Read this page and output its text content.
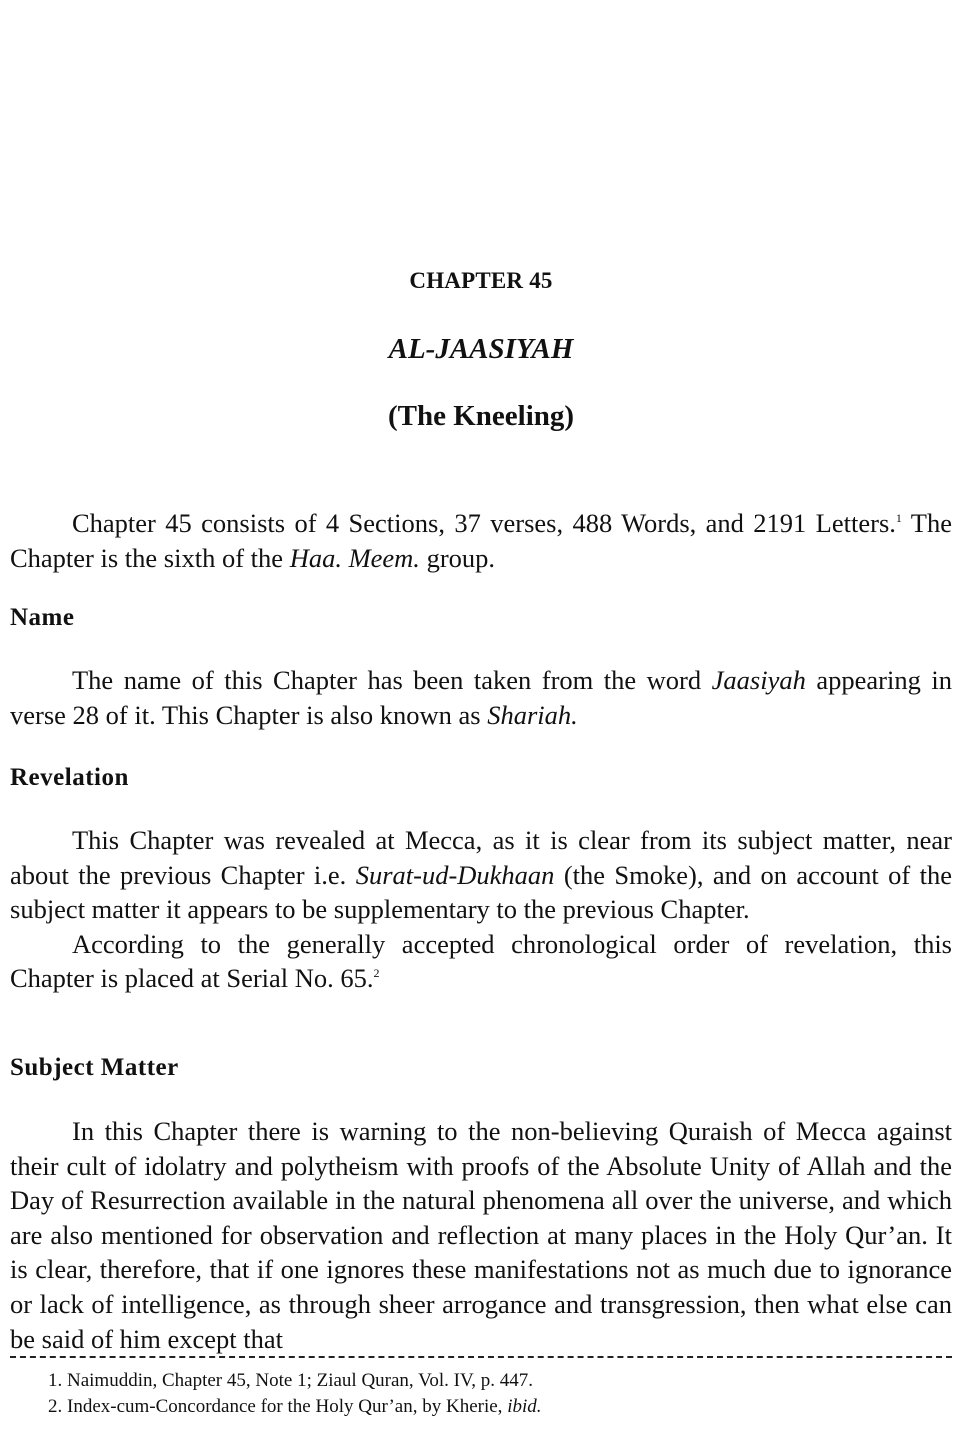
CHAPTER 45
AL-JAASIYAH
(The Kneeling)

Chapter 45 consists of 4 Sections, 37 verses, 488 Words, and 2191 Letters.$^1$ The Chapter is the sixth of the Haa. Meem. group.

Name

The name of this Chapter has been taken from the word Jaasiyah appearing in verse 28 of it. This Chapter is also known as Shariah.

Revelation

This Chapter was revealed at Mecca, as it is clear from its subject matter, near about the previous Chapter i.e. Surat-ud-Dukhaan (the Smoke), and on account of the subject matter it appears to be supplementary to the previous Chapter.

According to the generally accepted chronological order of revelation, this Chapter is placed at Serial No. 65.$^2$

Subject Matter

In this Chapter there is warning to the non-believing Quraish of Mecca against their cult of idolatry and polytheism with proofs of the Absolute Unity of Allah and the Day of Resurrection available in the natural phenomena all over the universe, and which are also mentioned for observation and reflection at many places in the Holy Qur’an. It is clear, therefore, that if one ignores these manifestations not as much due to ignorance or lack of intelligence, as through sheer arrogance and transgression, then what else can be said of him except that

1. Naimuddin, Chapter 45, Note 1; Ziaul Quran, Vol. IV, p. 447.
2. Index-cum-Concordance for the Holy Qur’an, by Kherie, ibid.
